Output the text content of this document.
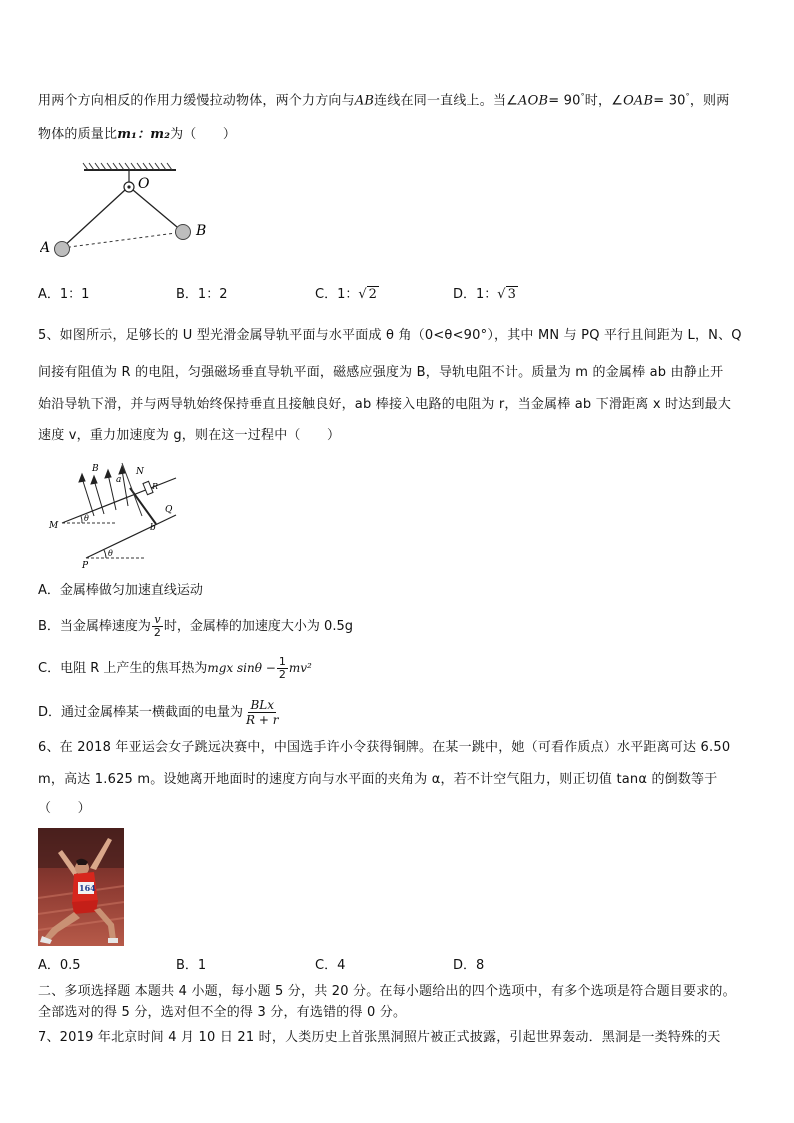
用两个方向相反的作用力缓慢拉动物体，两个力方向与AB连线在同一直线上。当∠AOB= 90°时，∠OAB= 30°，则两
物体的质量比m₁：m₂为（　　）
O
A
B
A．1：1	B．1：2	C．1：√ 2	D．1：√ 3
5、如图所示，足够长的 U 型光滑金属导轨平面与水平面成 θ 角（0<θ<90°），其中 MN 与 PQ 平行且间距为 L，N、Q
间接有阻值为 R 的电阻，匀强磁场垂直导轨平面，磁感应强度为 B，导轨电阻不计。质量为 m 的金属棒 ab 由静止开
始沿导轨下滑，并与两导轨始终保持垂直且接触良好，ab 棒接入电路的电阻为 r，当金属棒 ab 下滑距离 x 时达到最大
速度 v，重力加速度为 g，则在这一过程中（　　）
B
a
N
R
Q
b
M
θ
P
θ
A．金属棒做匀加速直线运动
B．当金属棒速度为 $\frac{v}{2}$ 时，金属棒的加速度大小为 0.5g
C．电阻 R 上产生的焦耳热为mgx $\sin\theta - \frac{1}{2} mv^2$
D．通过金属棒某一横截面的电量为 $\frac{\text{BLx}}{R + r}$
6、在 2018 年亚运会女子跳远决赛中，中国选手许小令获得铜牌。在某一跳中，她（可看作质点）水平距离可达 6.50
m，高达 1.625 m。设她离开地面时的速度方向与水平面的夹角为 α，若不计空气阻力，则正切值 tanα 的倒数等于
（　　）
164
A．0.5	B．1	C．4	D．8
二、多项选择题 本题共 4 小题，每小题 5 分，共 20 分。在每小题给出的四个选项中，有多个选项是符合题目要求的。
全部选对的得 5 分，选对但不全的得 3 分，有选错的得 0 分。
7、2019 年北京时间 4 月 10 日 21 时，人类历史上首张黑洞照片被正式披露，引起世界轰动．黑洞是一类特殊的天
